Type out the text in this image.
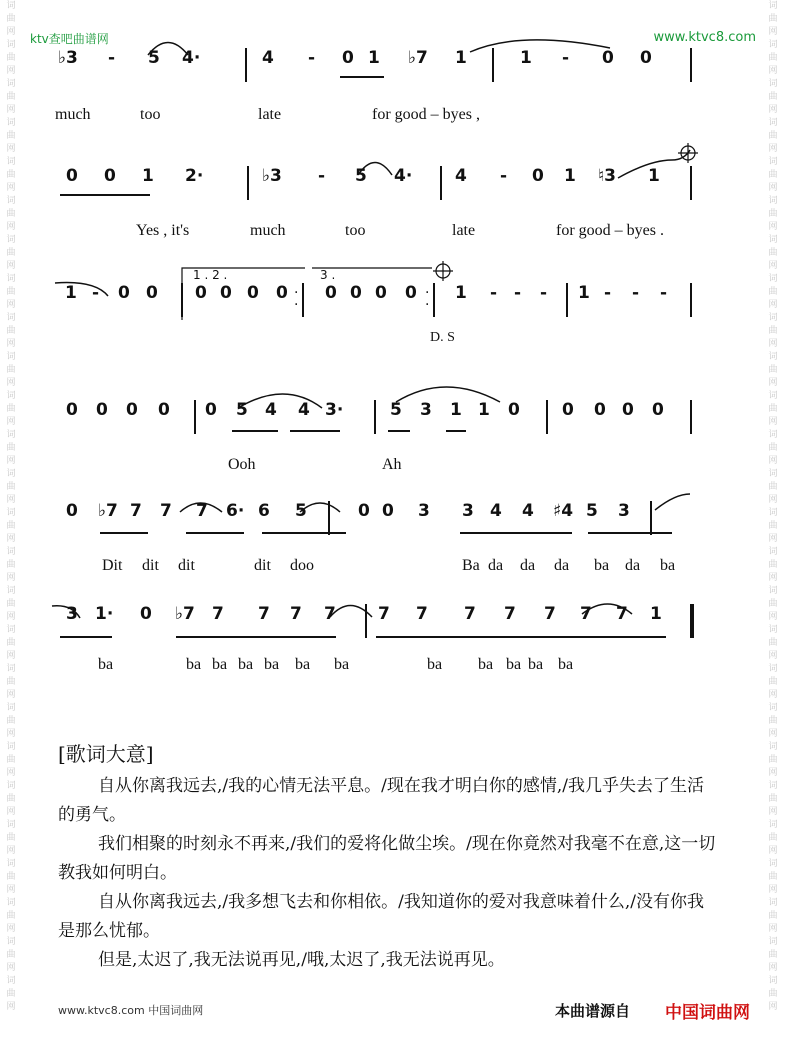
ktv查吧曲谱网	www.ktvc8.com
词
曲
网
词
曲
网
词
曲
网
词
曲
网
词
曲
网
词
曲
网
词
曲
网
词
曲
网
词
曲
网
词
曲
网
词
曲
网
词
曲
网
词
曲
网
词
曲
网
词
曲
网
词
曲
网
词
曲
网
词
曲
网
词
曲
网
词
曲
网
词
曲
网
词
曲
网
词
曲
网
词
曲
网
词
曲
网
词
曲
网
词
曲
网
词
曲
网
词
曲
网
词
曲
网
词
曲
网
词
曲
网
词
曲
网
词
曲
网
词
曲
网
词
曲
网
词
曲
网
词
曲
网
词
曲
网
词
曲
网
词
曲
网
词
曲
网
词
曲
网
词
曲
网
词
曲
网
词
曲
网
词
曲
网
词
曲
网
词
曲
网
词
曲
网
词
曲
网
词
曲
网
♭3 - 5 4·	4 - 0 1 ♭7 1	1 - 0 0
much	too	late	for good – byes ,
0 0 1 2·	♭3 - 5 4·	4 - 0 1 ♮3 1
Yes , it's	much	too	late	for good – byes .
1 - 0 0 0 0 0 0 ·
·
0 0 0 0 ·
·
1 - - - 1 - - -
0 0 0 0 0 5 4 4 3·	5 3 1 1 0 0 0 0 0
Ooh	Ah
0 ♭7 7 7 7 6· 6 5	0 0 3 3 4 4 ♯4 5 3
Dit dit dit	dit doo	Ba da da da ba da ba
3 1· 0 ♭7 7 7 7 7 7 7 7 7 7 7 7 1
ba	ba ba ba ba ba ba	ba ba ba ba ba
1 . 2 .	3 .
D. S
[歌词大意]
自从你离我远去,/我的心情无法平息。/现在我才明白你的感情,/我几乎失去了生活的勇气。
我们相聚的时刻永不再来,/我们的爱将化做尘埃。/现在你竟然对我毫不在意,这一切教我如何明白。
自从你离我远去,/我多想飞去和你相依。/我知道你的爱对我意味着什么,/没有你我是那么忧郁。
但是,太迟了,我无法说再见,/哦,太迟了,我无法说再见。
www.ktvc8.com 中国词曲网	本曲谱源自 中国词曲网
